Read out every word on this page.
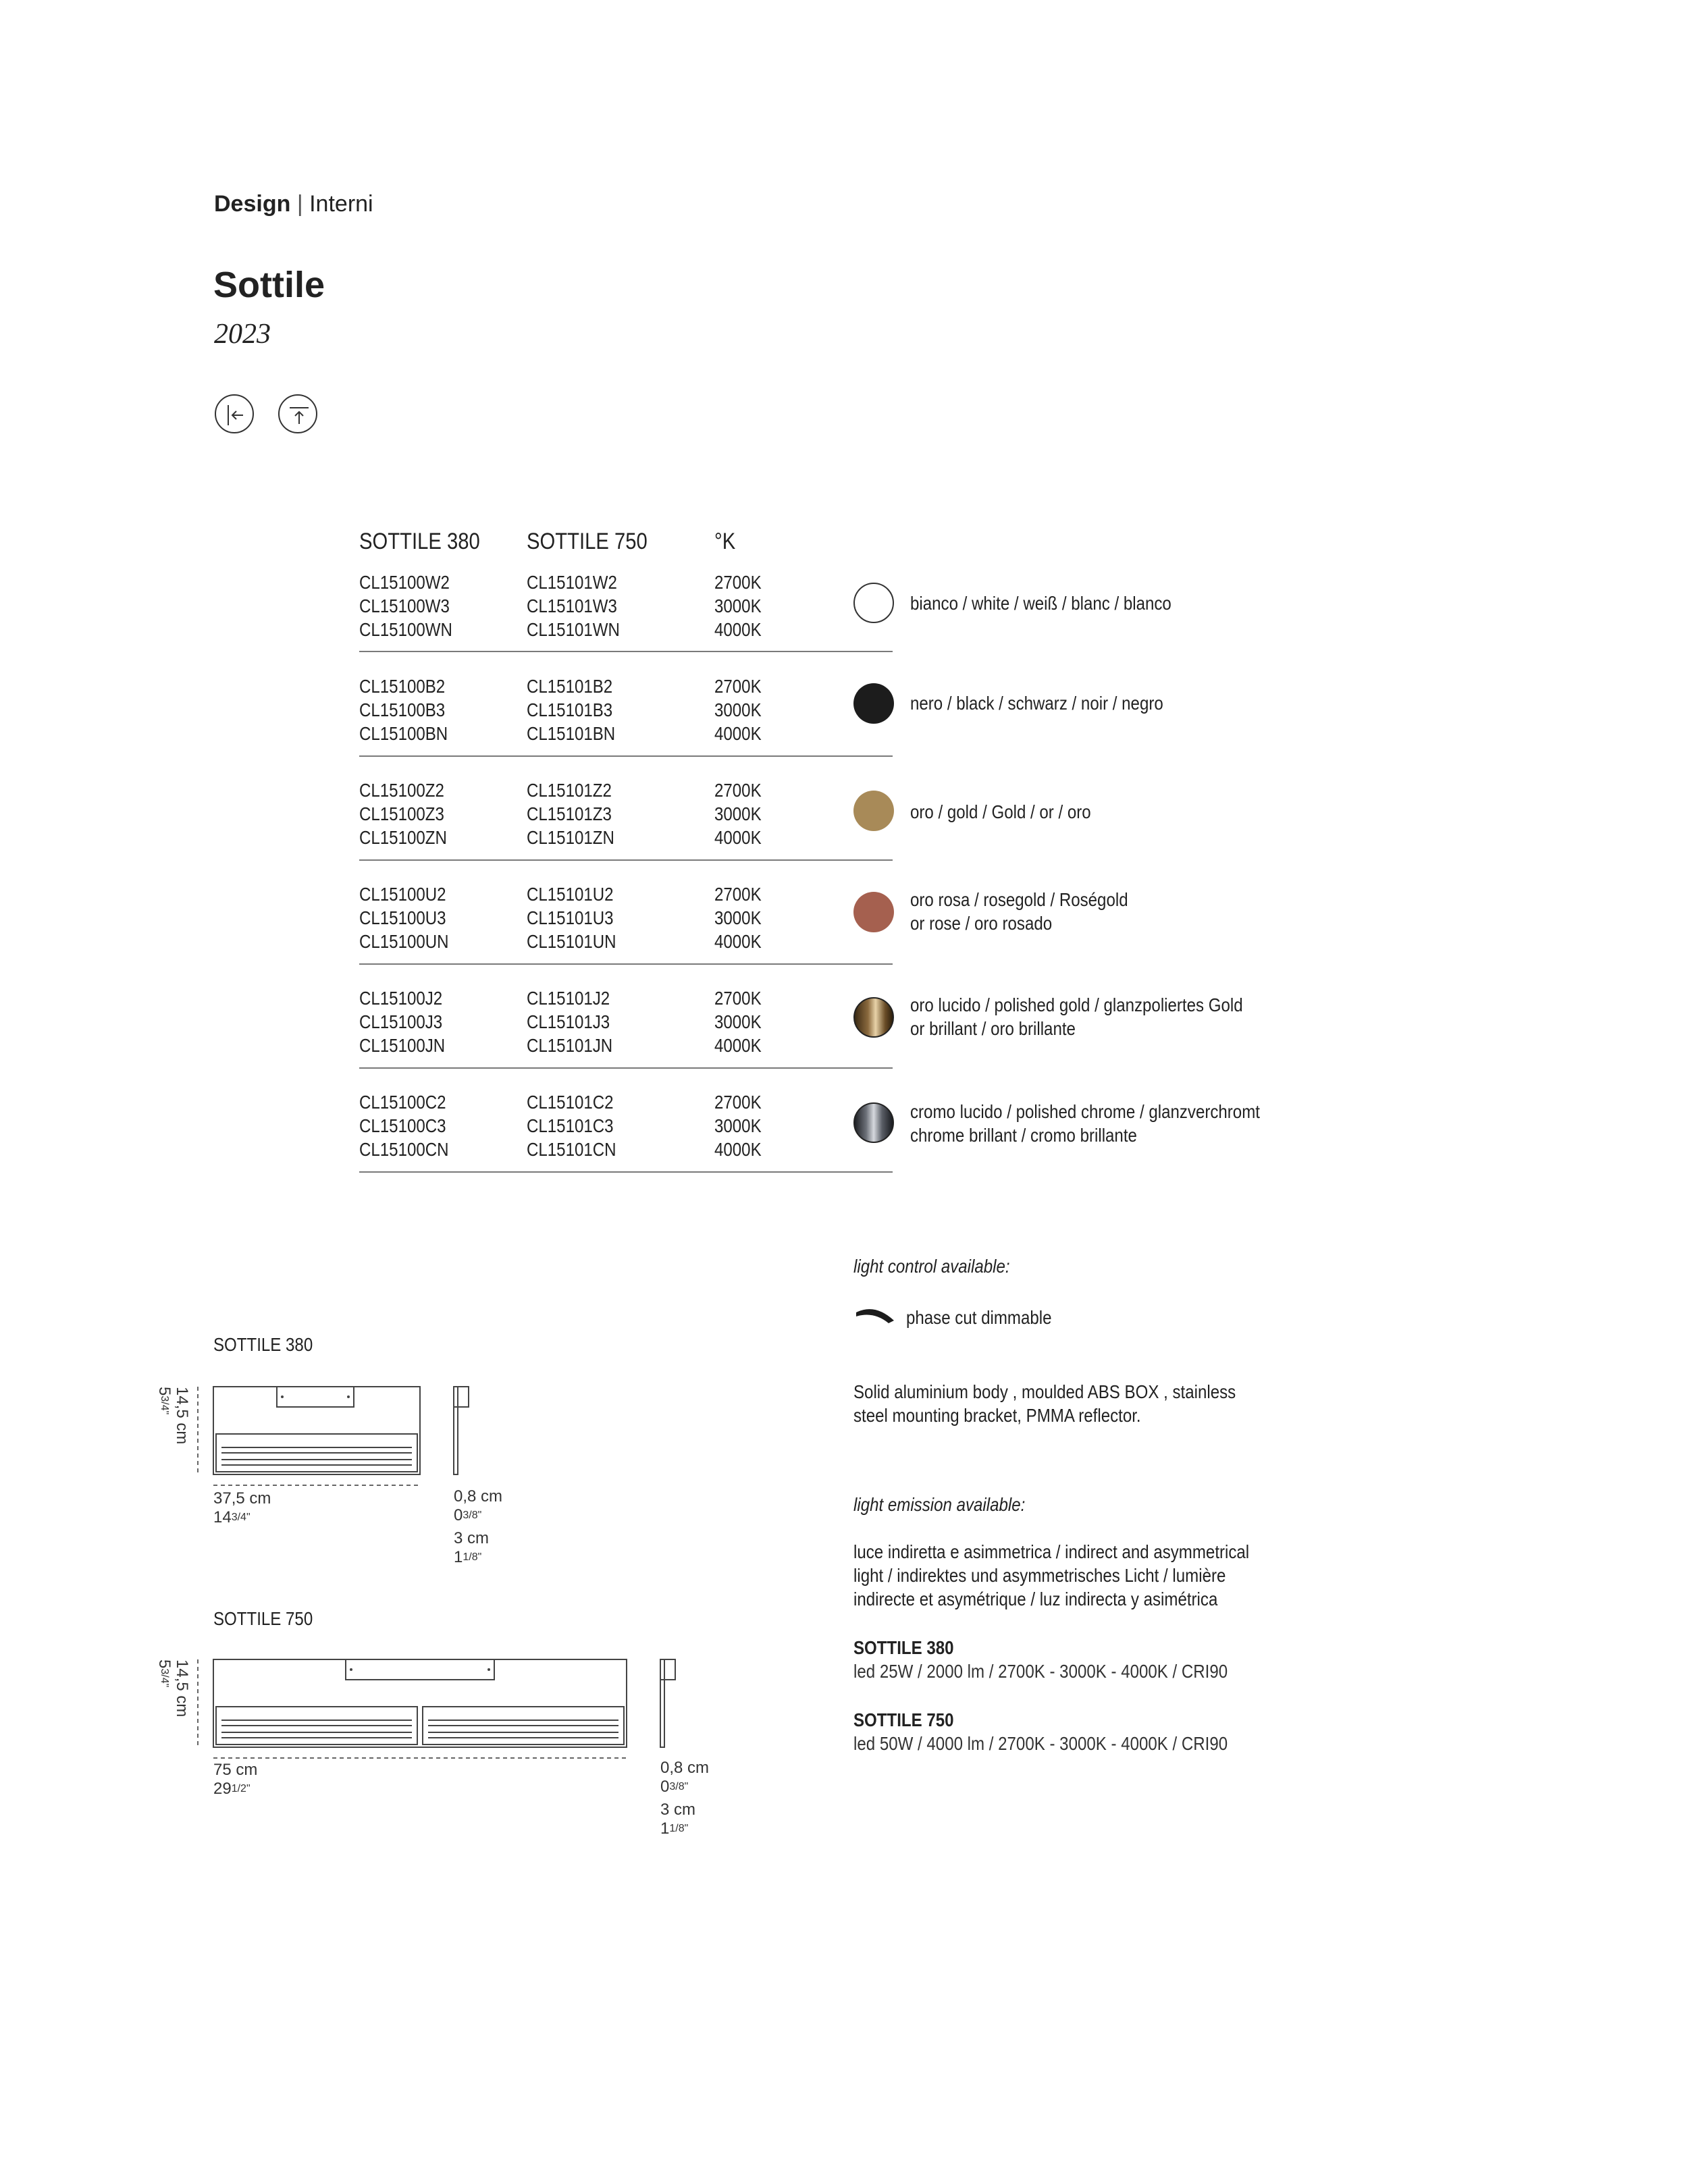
Design | Interni
Sottile
2023
SOTTILE 380 SOTTILE 750	°K
CL15100W2
CL15100W3
CL15100WN
CL15101W2
CL15101W3
CL15101WN
2700K
3000K
4000K
bianco / white / weiß / blanc / blanco
CL15100B2
CL15100B3
CL15100BN
CL15101B2
CL15101B3
CL15101BN
2700K
3000K
4000K
nero / black / schwarz / noir / negro
CL15100Z2
CL15100Z3
CL15100ZN
CL15101Z2
CL15101Z3
CL15101ZN
2700K
3000K
4000K
oro / gold / Gold / or / oro
CL15100U2
CL15100U3
CL15100UN
CL15101U2
CL15101U3
CL15101UN
2700K
3000K
4000K
oro rosa / rosegold / Roségold
or rose / oro rosado
CL15100J2
CL15100J3
CL15100JN
CL15101J2
CL15101J3
CL15101JN
2700K
3000K
4000K
oro lucido / polished gold / glanzpoliertes Gold
or brillant / oro brillante
CL15100C2
CL15100C3
CL15100CN
CL15101C2
CL15101C3
CL15101CN
2700K
3000K
4000K
cromo lucido / polished chrome / glanzverchromt
chrome brillant / cromo brillante
light control available:
phase cut dimmable
Solid aluminium body , moulded ABS BOX , stainless
steel mounting bracket, PMMA reflector.
light emission available:
luce indiretta e asimmetrica / indirect and asymmetrical
light / indirektes und asymmetrisches Licht / lumière
indirecte et asymétrique / luz indirecta y asimétrica
SOTTILE 380
led 25W / 2000 lm / 2700K - 3000K - 4000K / CRI90
SOTTILE 750
led 50W / 4000 lm / 2700K - 3000K - 4000K / CRI90
SOTTILE 380
14,5 cm
$5^{3/4"}$
37,5 cm
$14^{3/4"}$
0,8 cm
$0^{3/8"}$
3 cm
$1^{1/8"}$
SOTTILE 750
14,5 cm
$5^{3/4"}$
75 cm
$29^{1/2"}$
0,8 cm
$0^{3/8"}$
3 cm
$1^{1/8"}$
